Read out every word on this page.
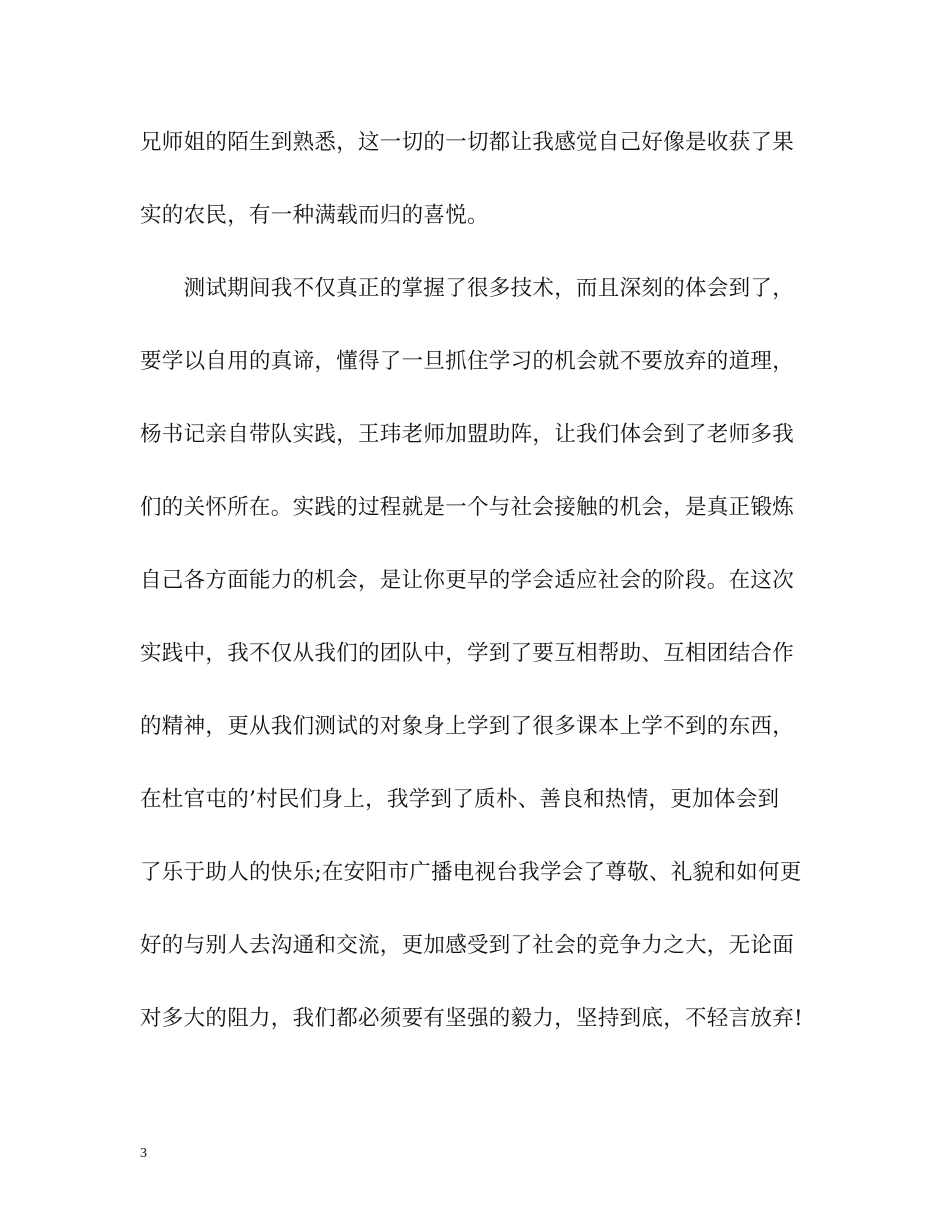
兄师姐的陌生到熟悉，这一切的一切都让我感觉自己好像是收获了果
实的农民，有一种满载而归的喜悦。
　　测试期间我不仅真正的掌握了很多技术，而且深刻的体会到了，
要学以自用的真谛，懂得了一旦抓住学习的机会就不要放弃的道理，
杨书记亲自带队实践，王玮老师加盟助阵，让我们体会到了老师多我
们的关怀所在。实践的过程就是一个与社会接触的机会，是真正锻炼
自己各方面能力的机会，是让你更早的学会适应社会的阶段。在这次
实践中，我不仅从我们的团队中，学到了要互相帮助、互相团结合作
的精神，更从我们测试的对象身上学到了很多课本上学不到的东西，
在杜官屯的’村民们身上，我学到了质朴、善良和热情，更加体会到
了乐于助人的快乐;在安阳市广播电视台我学会了尊敬、礼貌和如何更
好的与别人去沟通和交流，更加感受到了社会的竞争力之大，无论面
对多大的阻力，我们都必须要有坚强的毅力，坚持到底，不轻言放弃!
3
